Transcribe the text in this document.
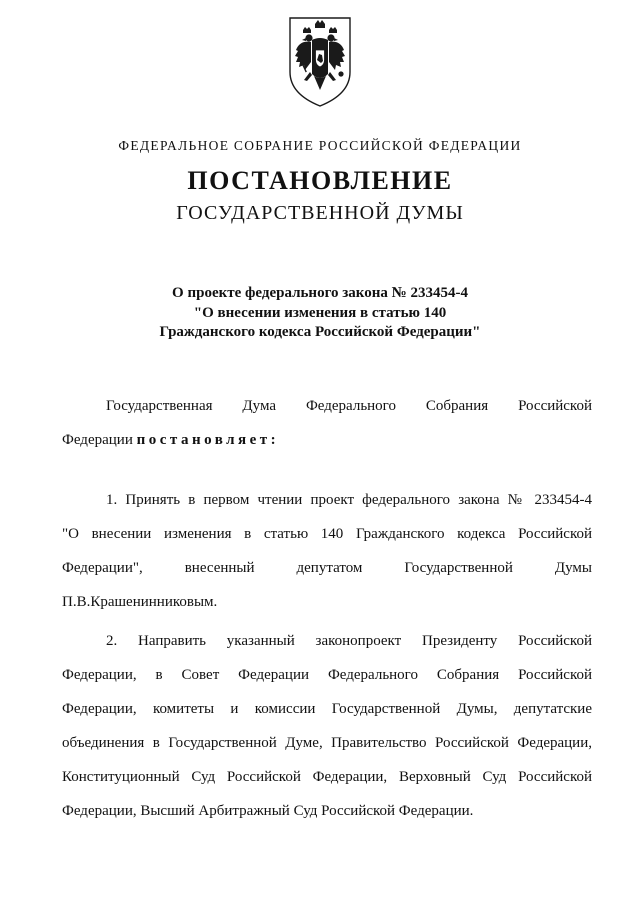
ФЕДЕРАЛЬНОЕ СОБРАНИЕ РОССИЙСКОЙ ФЕДЕРАЦИИ
ПОСТАНОВЛЕНИЕ
ГОСУДАРСТВЕННОЙ ДУМЫ
О проекте федерального закона № 233454-4
"О внесении изменения в статью 140
Гражданского кодекса Российской Федерации"
Государственная Дума Федерального Собрания Российской
Федерации постановляет:
1. Принять в первом чтении проект федерального закона № 233454-4
"О внесении изменения в статью 140 Гражданского кодекса Российской
Федерации", внесенный депутатом Государственной Думы
П.В.Крашенинниковым.
2. Направить указанный законопроект Президенту Российской
Федерации, в Совет Федерации Федерального Собрания Российской
Федерации, комитеты и комиссии Государственной Думы, депутатские
объединения в Государственной Думе, Правительство Российской Федерации,
Конституционный Суд Российской Федерации, Верховный Суд Российской
Федерации, Высший Арбитражный Суд Российской Федерации.
